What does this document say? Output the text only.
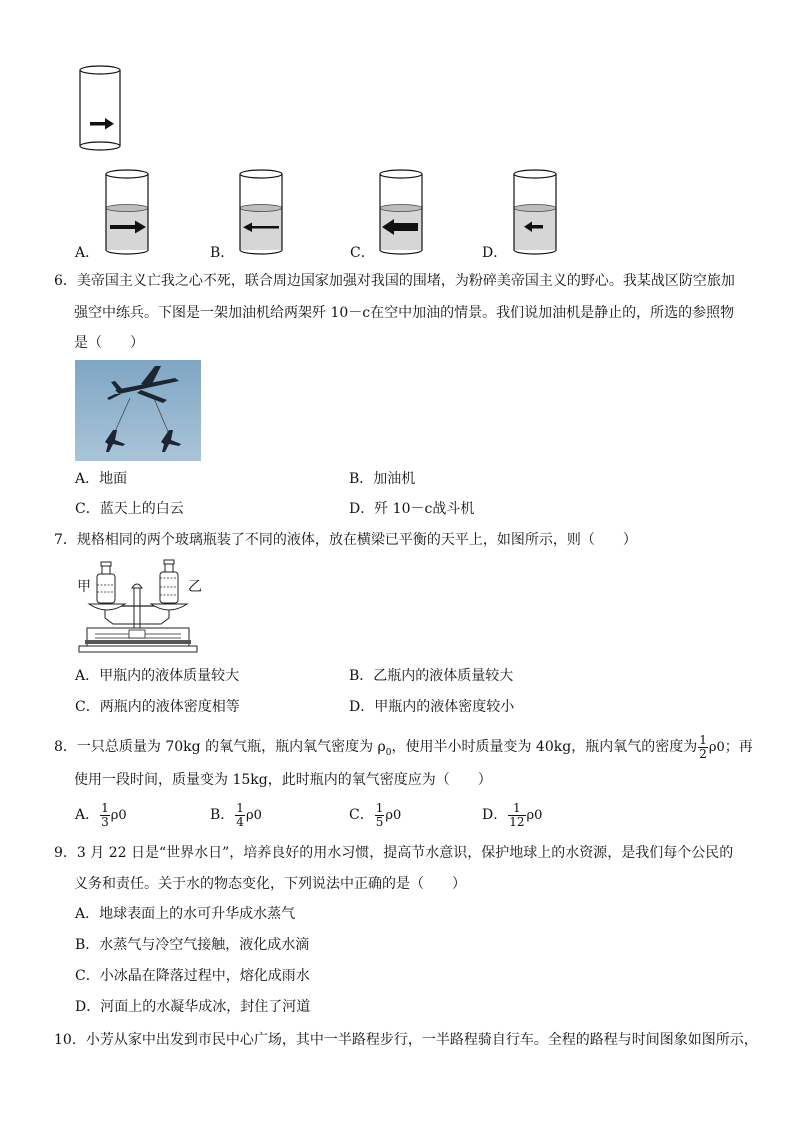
A．	B．	C．	D．
6．美帝国主义亡我之心不死，联合周边国家加强对我国的围堵，为粉碎美帝国主义的野心。我某战区防空旅加
强空中练兵。下图是一架加油机给两架歼 10－c在空中加油的情景。我们说加油机是静止的，所选的参照物
是（　　）
A．地面	B．加油机
C．蓝天上的白云	D．歼 10－c战斗机
7．规格相同的两个玻璃瓶装了不同的液体，放在横梁已平衡的天平上，如图所示，则（　　）
甲	乙
A．甲瓶内的液体质量较大	B．乙瓶内的液体质量较大
C．两瓶内的液体密度相等	D．甲瓶内的液体密度较小
8．一只总质量为 70kg 的氧气瓶，瓶内氧气密度为 $\rho_0$，使用半小时质量变为 40kg，瓶内氧气的密度为 $\frac{1}{2} \rho 0$；再
使用一段时间，质量变为 15kg，此时瓶内的氧气密度应为（　　）
A． $\frac{1}{3} \rho 0$	B． $\frac{1}{4} \rho 0$	C． $\frac{1}{5} \rho 0$	D． $\frac{1}{12} \rho 0$
9．3 月 22 日是“世界水日”，培养良好的用水习惯，提高节水意识，保护地球上的水资源，是我们每个公民的
义务和责任。关于水的物态变化，下列说法中正确的是（　　）
A．地球表面上的水可升华成水蒸气
B．水蒸气与冷空气接触，液化成水滴
C．小冰晶在降落过程中，熔化成雨水
D．河面上的水凝华成冰，封住了河道
10．小芳从家中出发到市民中心广场，其中一半路程步行，一半路程骑自行车。全程的路程与时间图象如图所示，
